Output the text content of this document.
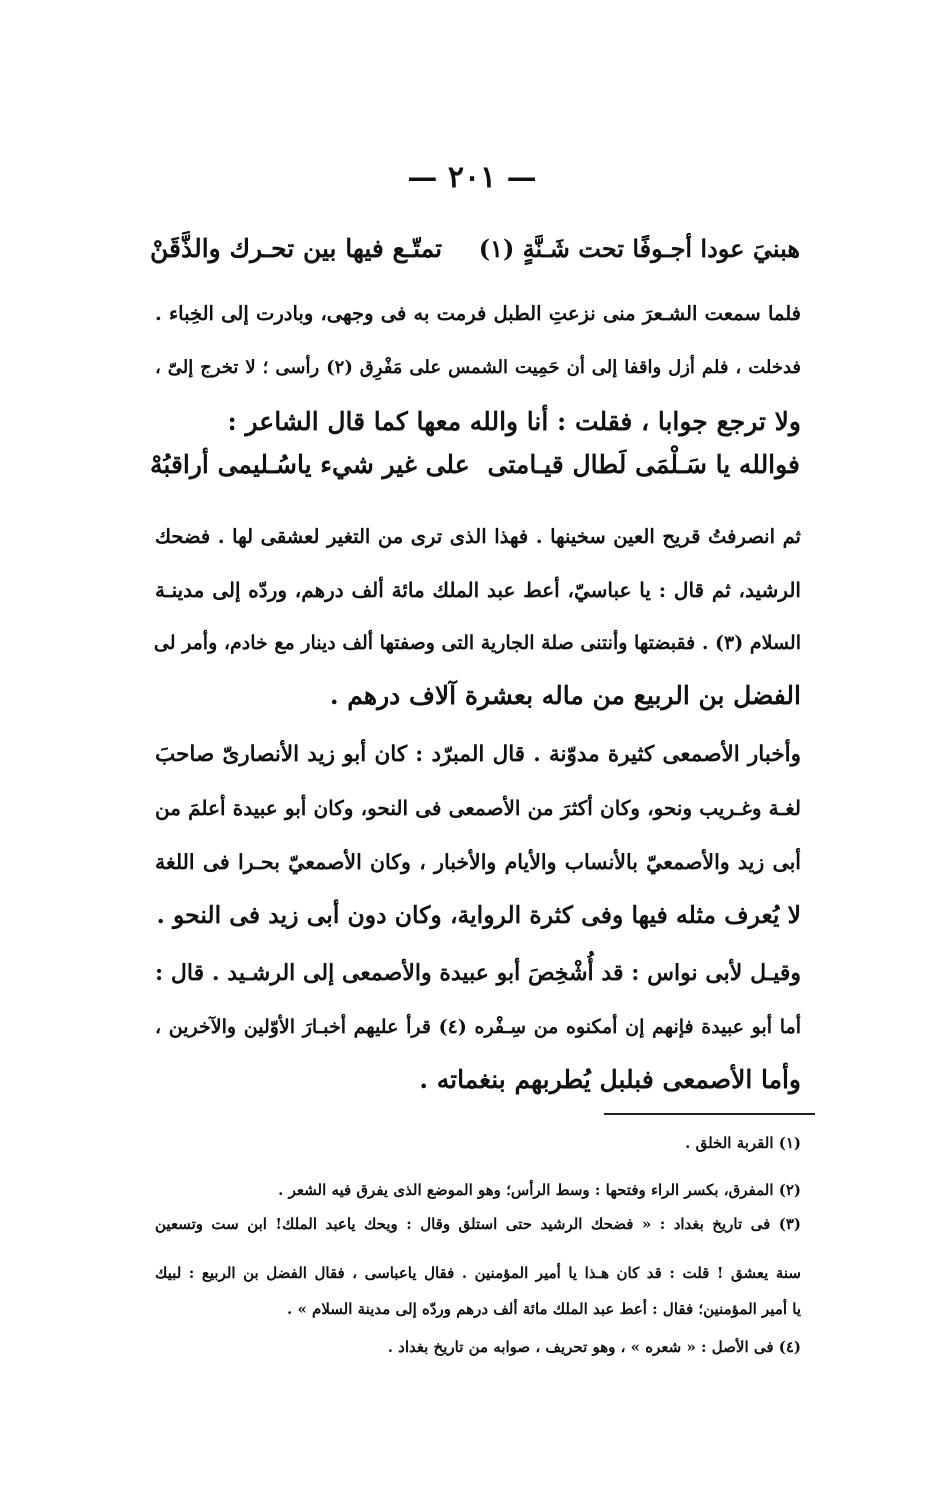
— ٢٠١ —
هبنيَ عودا أجـوفًا تحت شَـنَّةٍ (١)
تمتّـع فيها بين تحـرك والذَّقَنْ
فلما سمعت الشـعرَ منى نزعتِ الطبل فرمت به فى وجهى، وبادرت إلى الخِباء .
فدخلت ، فلم أزل واقفا إلى أن حَمِيت الشمس على مَفْرِق (٢) رأسى ؛ لا تخرج إلىّ ،
ولا ترجع جوابا ، فقلت : أنا والله معها كما قال الشاعر :
فوالله يا سَـلْمَى لَطال قيـامتى
على غير شيء ياسُـليمى أراقبُهْ
ثم انصرفتُ قريح العين سخينها . فهذا الذى ترى من التغير لعشقى لها . فضحك
الرشيد، ثم قال : يا عباسيّ، أعط عبد الملك مائة ألف درهم، وردّه إلى مدينـة
السلام (٣) . فقبضتها وأنتنى صلة الجارية التى وصفتها ألف دينار مع خادم، وأمر لى
الفضل بن الربيع من ماله بعشرة آلاف درهم .
وأخبار الأصمعى كثيرة مدوّنة . قال المبرّد : كان أبو زيد الأنصارىّ صاحبَ
لغـة وغـريب ونحو، وكان أكثرَ من الأصمعى فى النحو، وكان أبو عبيدة أعلمَ من
أبى زيد والأصمعيّ بالأنساب والأيام والأخبار ، وكان الأصمعيّ بحـرا فى اللغة
لا يُعرف مثله فيها وفى كثرة الرواية، وكان دون أبى زيد فى النحو .
وقيـل لأبى نواس : قد أُشْخِصَ أبو عبيدة والأصمعى إلى الرشـيد . قال :
أما أبو عبيدة فإنهم إن أمكنوه من سِـفْره (٤) قرأ عليهم أخبـارَ الأوّلين والآخرين ،
وأما الأصمعى فبلبل يُطربهم بنغماته .
(١) القربة الخلق .
(٢) المفرق، بكسر الراء وفتحها : وسط الرأس؛ وهو الموضع الذى يفرق فيه الشعر .
(٣) فى تاريخ بغداد : « فضحك الرشيد حتى استلق وقال : ويحك ياعبد الملك! ابن ست وتسعين
سنة يعشق ! قلت : قد كان هـذا يا أمير المؤمنين . فقال ياعباسى ، فقال الفضل بن الربيع : لبيك
يا أمير المؤمنين؛ فقال : أعط عبد الملك مائة ألف درهم وردّه إلى مدينة السلام » .
(٤) فى الأصل : « شعره » ، وهو تحريف ، صوابه من تاريخ بغداد .
